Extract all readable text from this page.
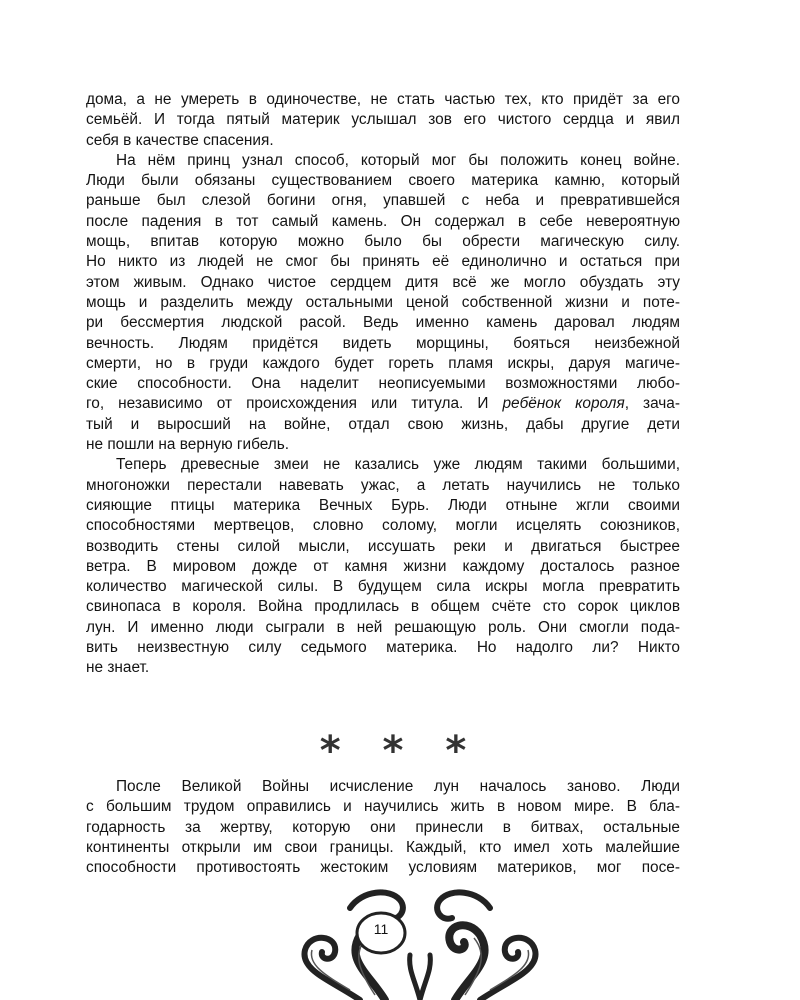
дома, а не умереть в одиночестве, не стать частью тех, кто придёт за его
семьёй. И тогда пятый материк услышал зов его чистого сердца и явил
себя в качестве спасения.
На нём принц узнал способ, который мог бы положить конец войне.
Люди были обязаны существованием своего материка камню, который
раньше был слезой богини огня, упавшей с неба и превратившейся
после падения в тот самый камень. Он содержал в себе невероятную
мощь, впитав которую можно было бы обрести магическую силу.
Но никто из людей не смог бы принять её единолично и остаться при
этом живым. Однако чистое сердцем дитя всё же могло обуздать эту
мощь и разделить между остальными ценой собственной жизни и поте-
ри бессмертия людской расой. Ведь именно камень даровал людям
вечность. Людям придётся видеть морщины, бояться неизбежной
смерти, но в груди каждого будет гореть пламя искры, даруя магиче-
ские способности. Она наделит неописуемыми возможностями любо-
го, независимо от происхождения или титула. И ребёнок короля, зача-
тый и выросший на войне, отдал свою жизнь, дабы другие дети
не пошли на верную гибель.
Теперь древесные змеи не казались уже людям такими большими,
многоножки перестали навевать ужас, а летать научились не только
сияющие птицы материка Вечных Бурь. Люди отныне жгли своими
способностями мертвецов, словно солому, могли исцелять союзников,
возводить стены силой мысли, иссушать реки и двигаться быстрее
ветра. В мировом дожде от камня жизни каждому досталось разное
количество магической силы. В будущем сила искры могла превратить
свинопаса в короля. Война продлилась в общем счёте сто сорок циклов
лун. И именно люди сыграли в ней решающую роль. Они смогли пода-
вить неизвестную силу седьмого материка. Но надолго ли? Никто
не знает.
* * *
После Великой Войны исчисление лун началось заново. Люди
с большим трудом оправились и научились жить в новом мире. В бла-
годарность за жертву, которую они принесли в битвах, остальные
континенты открыли им свои границы. Каждый, кто имел хоть малейшие
способности противостоять жестоким условиям материков, мог посе-
11
